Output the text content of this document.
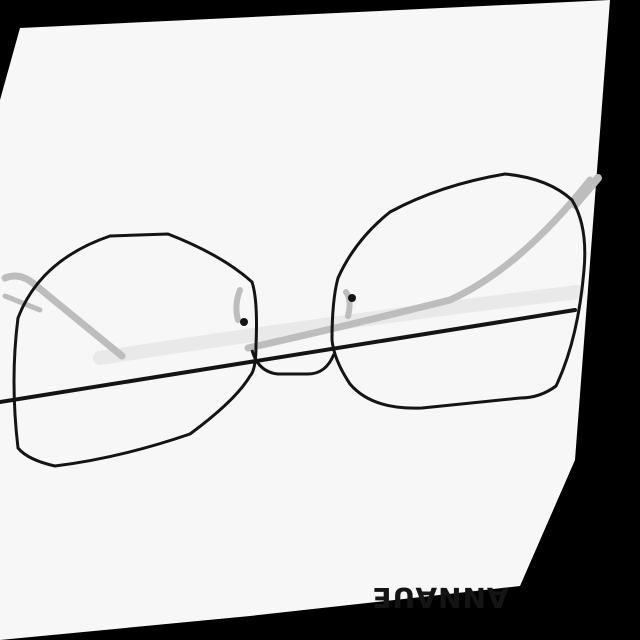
ANNAUE
